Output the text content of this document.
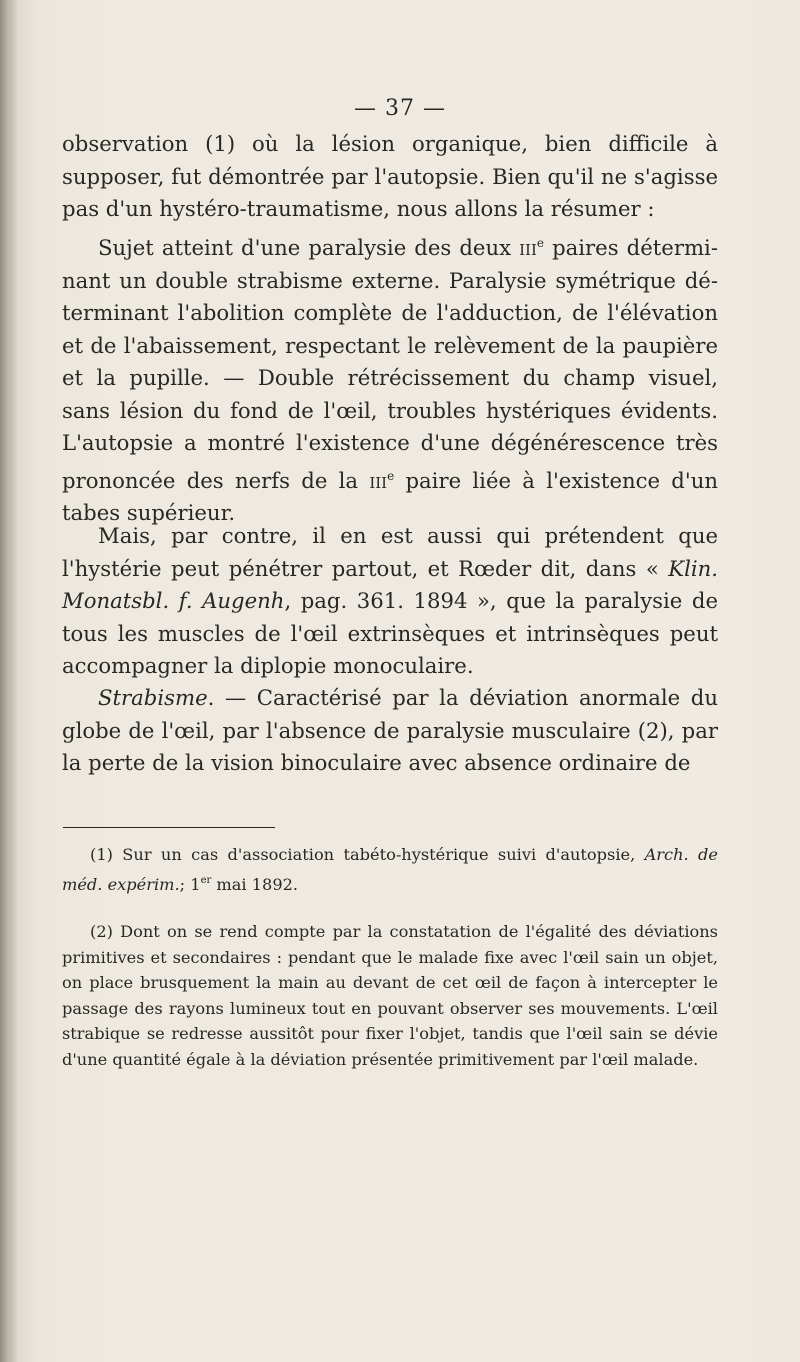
— 37 —

observation (1) où la lésion organique, bien difficile à supposer, fut démontrée par l'autopsie. Bien qu'il ne s'agisse pas d'un hystéro-traumatisme, nous allons la résumer :

Sujet atteint d'une paralysie des deux iii$^e$ paires déterminant un double strabisme externe. Paralysie symétrique déterminant l'abolition complète de l'adduction, de l'élévation et de l'abaissement, respectant le relèvement de la paupière et la pupille. — Double rétrécissement du champ visuel, sans lésion du fond de l'œil, troubles hystériques évidents. L'autopsie a montré l'existence d'une dégénérescence très prononcée des nerfs de la iii$^e$ paire liée à l'existence d'un tabes supérieur.

Mais, par contre, il en est aussi qui prétendent que l'hystérie peut pénétrer partout, et Rœder dit, dans « Klin. Monatsbl. f. Augenh, pag. 361. 1894 », que la paralysie de tous les muscles de l'œil extrinsèques et intrinsèques peut accompagner la diplopie monoculaire.

Strabisme. — Caractérisé par la déviation anormale du globe de l'œil, par l'absence de paralysie musculaire (2), par la perte de la vision binoculaire avec absence ordinaire de

(1) Sur un cas d'association tabéto-hystérique suivi d'autopsie, Arch. de méd. expérim.; 1er mai 1892.

(2) Dont on se rend compte par la constatation de l'égalité des déviations primitives et secondaires : pendant que le malade fixe avec l'œil sain un objet, on place brusquement la main au devant de cet œil de façon à intercepter le passage des rayons lumineux tout en pouvant observer ses mouvements. L'œil strabique se redresse aussitôt pour fixer l'objet, tandis que l'œil sain se dévie d'une quantité égale à la déviation présentée primitivement par l'œil malade.
